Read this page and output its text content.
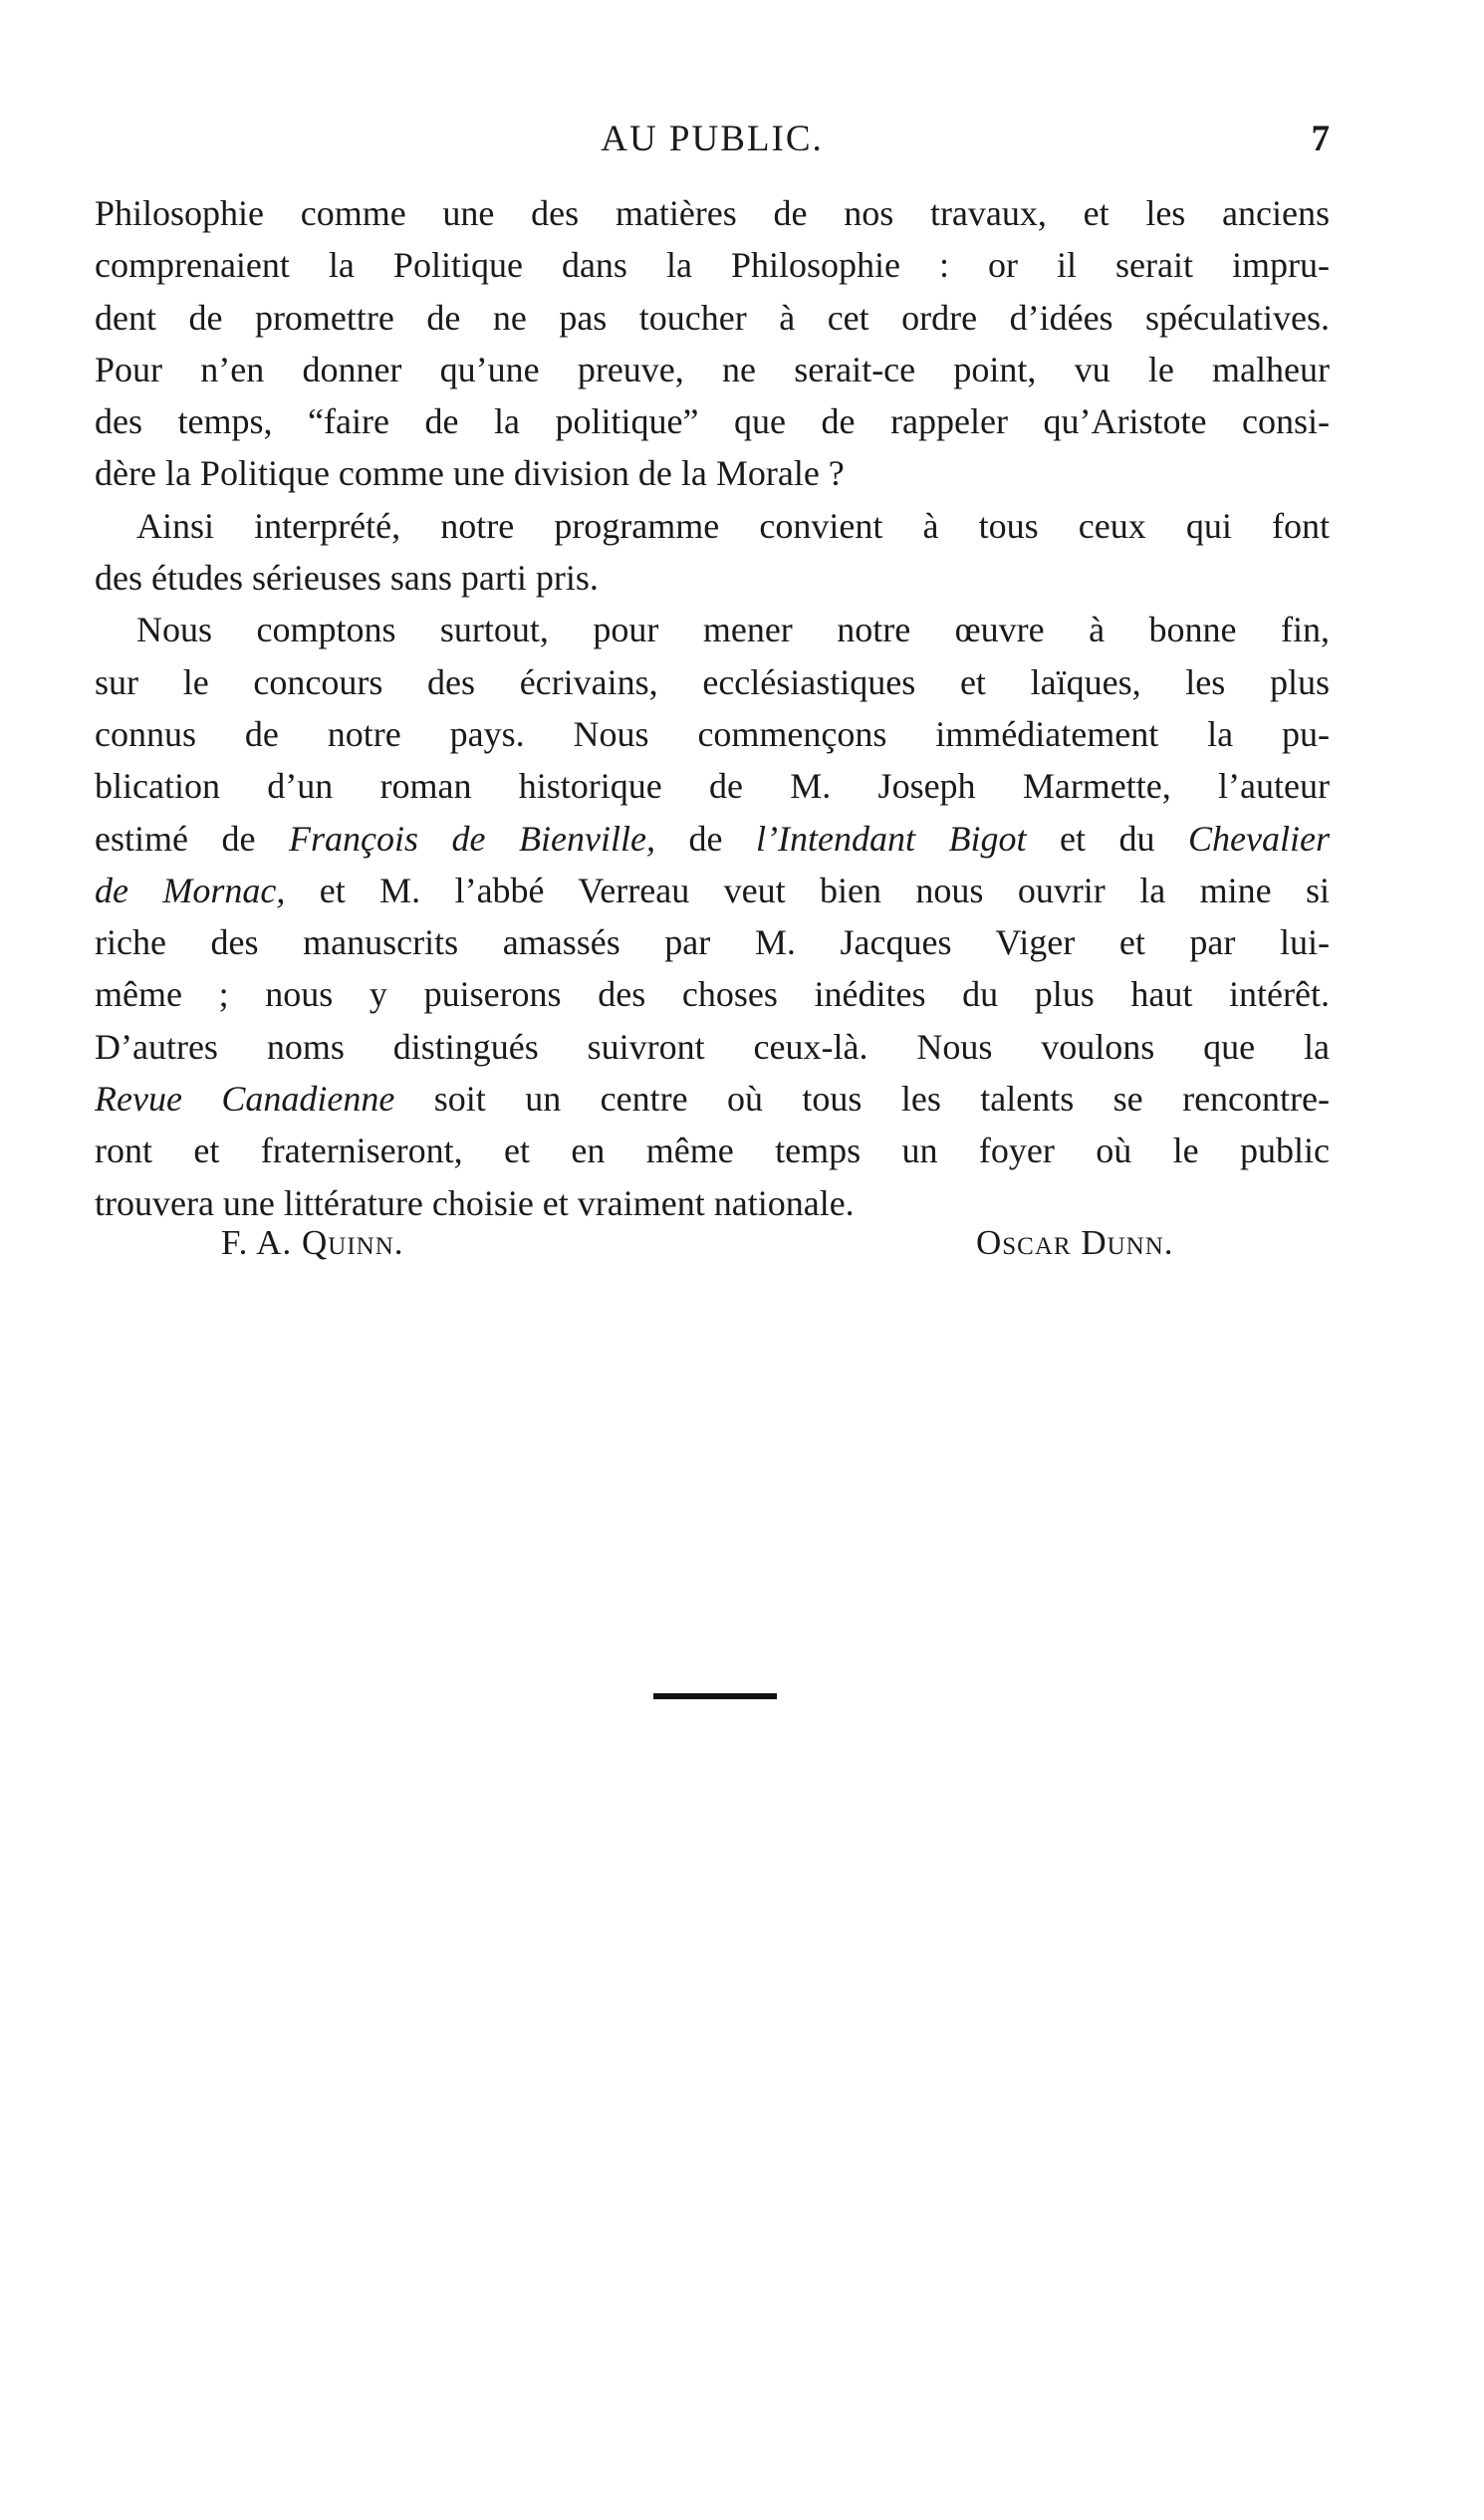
AU PUBLIC.	7

Philosophie comme une des matières de nos travaux, et les anciens

comprenaient la Politique dans la Philosophie : or il serait impru-

dent de promettre de ne pas toucher à cet ordre d’idées spéculatives.

Pour n’en donner qu’une preuve, ne serait-ce point, vu le malheur

des temps, “faire de la politique” que de rappeler qu’Aristote consi-

dère la Politique comme une division de la Morale ?

Ainsi interprété, notre programme convient à tous ceux qui font

des études sérieuses sans parti pris.

Nous comptons surtout, pour mener notre œuvre à bonne fin,

sur le concours des écrivains, ecclésiastiques et laïques, les plus

connus de notre pays. Nous commençons immédiatement la pu-

blication d’un roman historique de M. Joseph Marmette, l’auteur

estimé de François de Bienville, de l’Intendant Bigot et du Chevalier

de Mornac, et M. l’abbé Verreau veut bien nous ouvrir la mine si

riche des manuscrits amassés par M. Jacques Viger et par lui-

même ; nous y puiserons des choses inédites du plus haut intérêt.

D’autres noms distingués suivront ceux-là. Nous voulons que la

Revue Canadienne soit un centre où tous les talents se rencontre-

ront et fraterniseront, et en même temps un foyer où le public

trouvera une littérature choisie et vraiment nationale.

F. A. Quinn.	Oscar Dunn.
